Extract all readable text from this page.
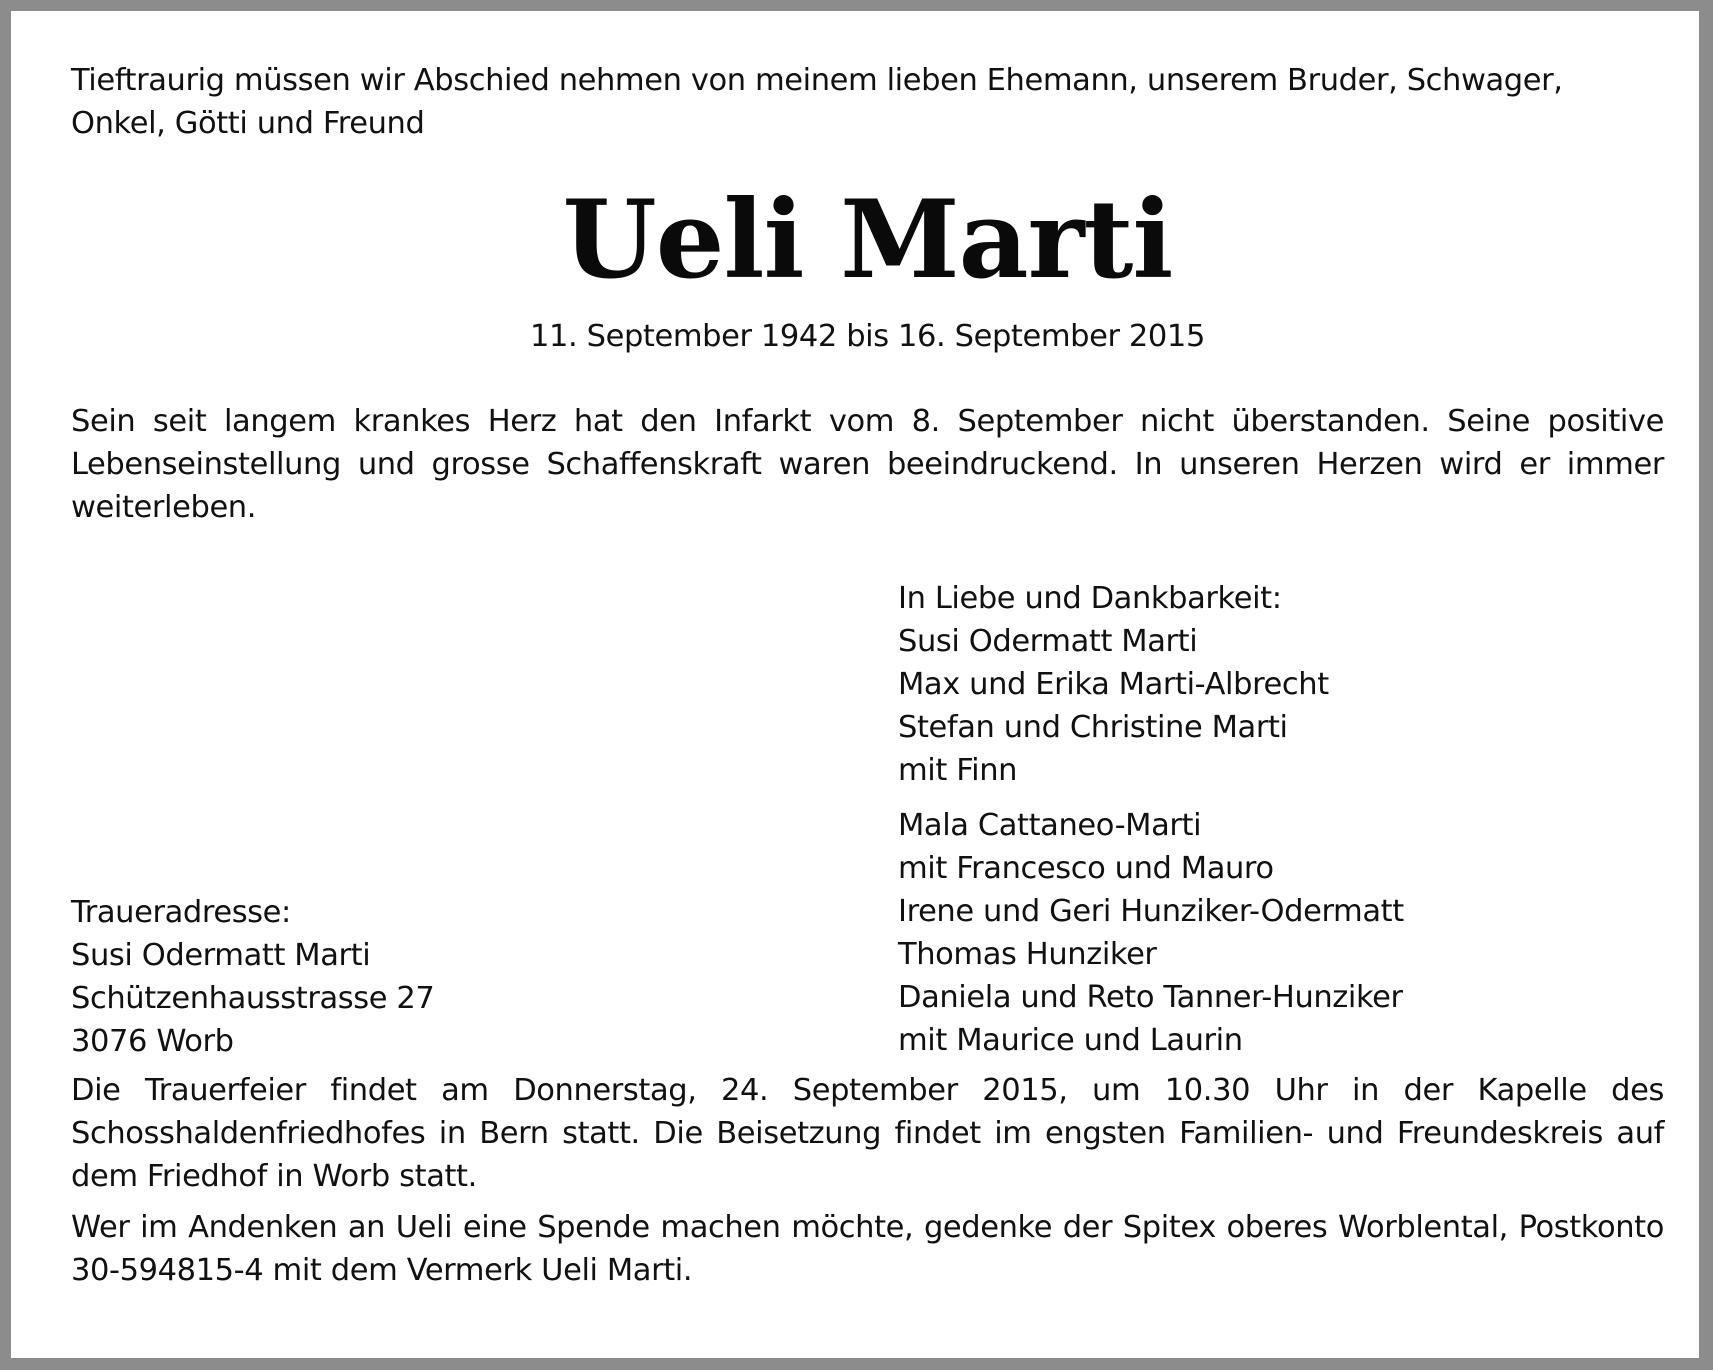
Tieftraurig müssen wir Abschied nehmen von meinem lieben Ehemann, unserem Bruder, Schwager, Onkel, Götti und Freund

Ueli Marti

11. September 1942 bis 16. September 2015

Sein seit langem krankes Herz hat den Infarkt vom 8. September nicht überstanden. Seine positive Lebenseinstellung und grosse Schaffenskraft waren beeindruckend. In unseren Herzen wird er immer weiterleben.

Traueradresse:
Susi Odermatt Marti
Schützenhausstrasse 27
3076 Worb
In Liebe und Dankbarkeit:
Susi Odermatt Marti
Max und Erika Marti-Albrecht
Stefan und Christine Marti
mit Finn
Mala Cattaneo-Marti
mit Francesco und Mauro
Irene und Geri Hunziker-Odermatt
Thomas Hunziker
Daniela und Reto Tanner-Hunziker
mit Maurice und Laurin

Die Trauerfeier findet am Donnerstag, 24. September 2015, um 10.30 Uhr in der Kapelle des Schosshaldenfriedhofes in Bern statt. Die Beisetzung findet im engsten Familien- und Freundeskreis auf dem Friedhof in Worb statt.

Wer im Andenken an Ueli eine Spende machen möchte, gedenke der Spitex oberes Worblental, Postkonto 30-594815-4 mit dem Vermerk Ueli Marti.
